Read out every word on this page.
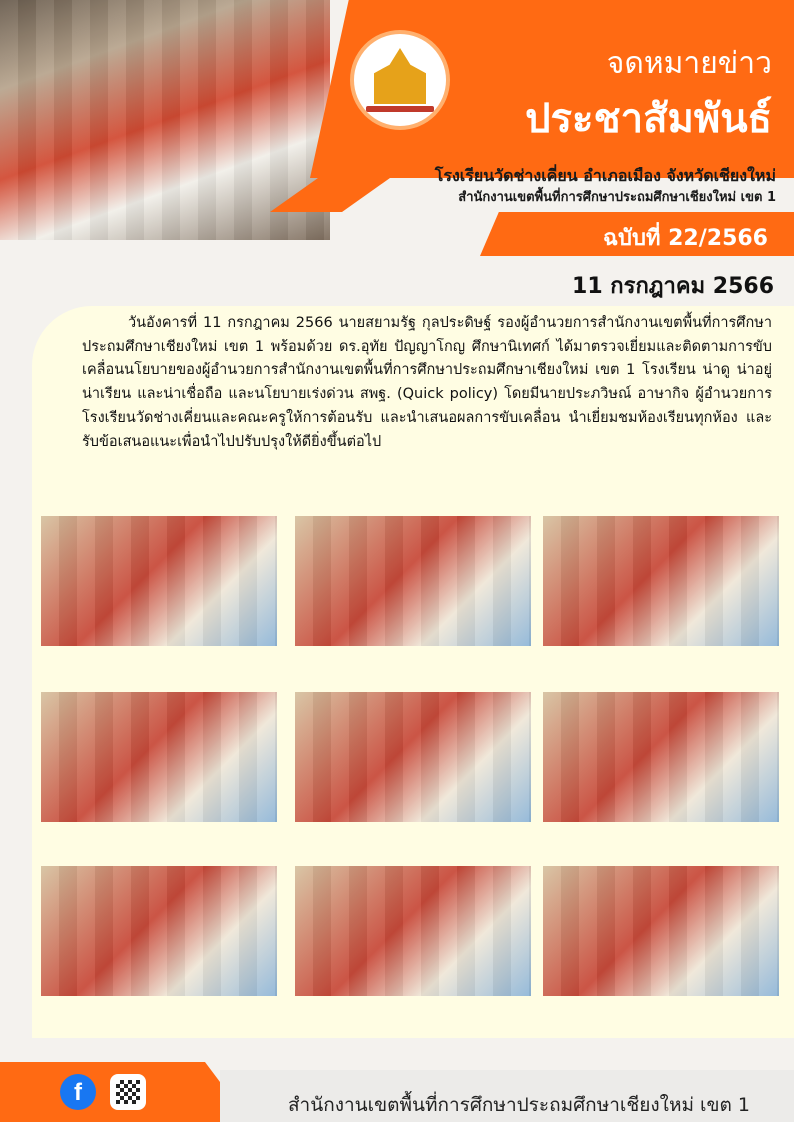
จดหมายข่าว
ประชาสัมพันธ์
โรงเรียนวัดช่างเคี่ยน อำเภอเมือง จังหวัดเชียงใหม่
สำนักงานเขตพื้นที่การศึกษาประถมศึกษาเชียงใหม่ เขต 1
ฉบับที่ 22/2566
11 กรกฎาคม 2566
วันอังคารที่ 11 กรกฎาคม 2566 นายสยามรัฐ กุลประดิษฐ์ รองผู้อำนวยการสำนักงานเขตพื้นที่การศึกษาประถมศึกษาเชียงใหม่ เขต 1 พร้อมด้วย ดร.อุทัย ปัญญาโกญ ศึกษานิเทศก์ ได้มาตรวจเยี่ยมและติดตามการขับเคลื่อนนโยบายของผู้อำนวยการสำนักงานเขตพื้นที่การศึกษาประถมศึกษาเชียงใหม่ เขต 1 โรงเรียน น่าดู น่าอยู่ น่าเรียน และน่าเชื่อถือ และนโยบายเร่งด่วน สพฐ. (Quick policy) โดยมีนายประภวิษณ์ อาษากิจ ผู้อำนวยการโรงเรียนวัดช่างเคี่ยนและคณะครูให้การต้อนรับ และนำเสนอผลการขับเคลื่อน นำเยี่ยมชมห้องเรียนทุกห้อง และรับข้อเสนอแนะเพื่อนำไปปรับปรุงให้ดียิ่งขึ้นต่อไป
f	สำนักงานเขตพื้นที่การศึกษาประถมศึกษาเชียงใหม่ เขต 1
